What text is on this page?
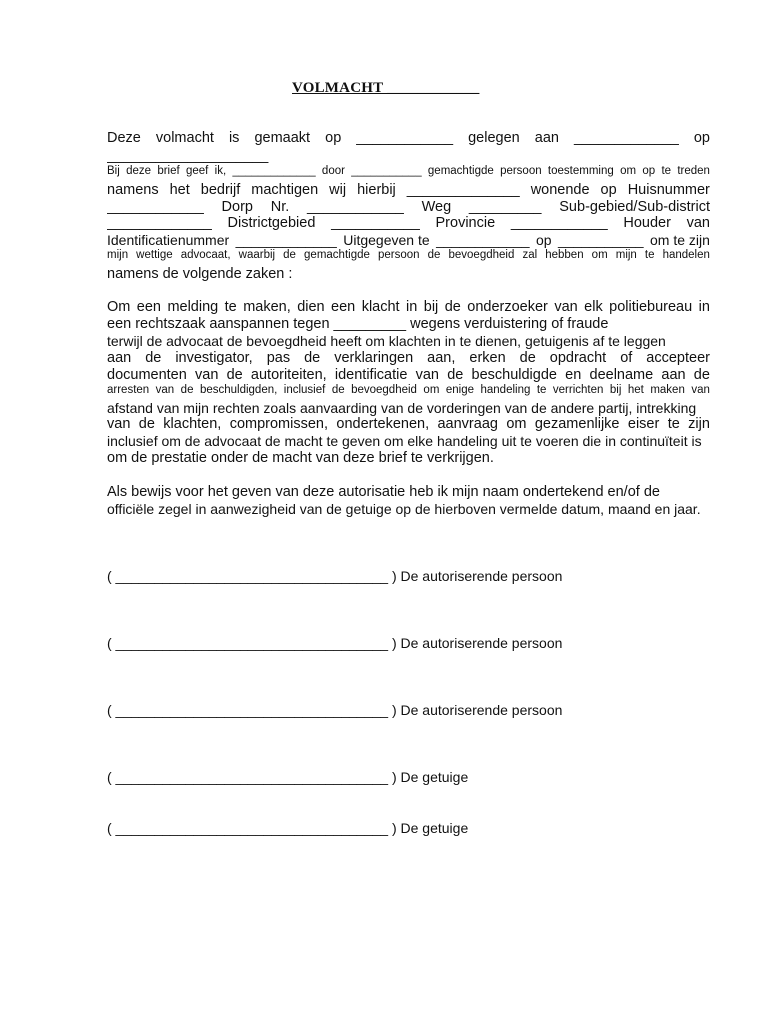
VOLMACHT ____________
Deze volmacht is gemaakt op ____________ gelegen aan _____________ op
____________________
Bij deze brief geef ik, _____________ door ___________ gemachtigde persoon toestemming om op te treden
namens het bedrijf machtigen wij hierbij ______________ wonende op Huisnummer
____________ Dorp Nr. ____________ Weg _________ Sub-gebied/Sub-district
_____________ Districtgebied ___________ Provincie ____________ Houder van
Identificatienummer _____________ Uitgegeven te ____________ op ___________ om te zijn
mijn wettige advocaat, waarbij de gemachtigde persoon de bevoegdheid zal hebben om mijn te handelen
namens de volgende zaken :
Om een melding te maken, dien een klacht in bij de onderzoeker van elk politiebureau in
een rechtszaak aanspannen tegen _________ wegens verduistering of fraude
terwijl de advocaat de bevoegdheid heeft om klachten in te dienen, getuigenis af te leggen
aan de investigator, pas de verklaringen aan, erken de opdracht of accepteer
documenten van de autoriteiten, identificatie van de beschuldigde en deelname aan de
arresten van de beschuldigden, inclusief de bevoegdheid om enige handeling te verrichten bij het maken van
afstand van mijn rechten zoals aanvaarding van de vorderingen van de andere partij, intrekking
van de klachten, compromissen, ondertekenen, aanvraag om gezamenlijke eiser te zijn
inclusief om de advocaat de macht te geven om elke handeling uit te voeren die in continuïteit is
om de prestatie onder de macht van deze brief te verkrijgen.
Als bewijs voor het geven van deze autorisatie heb ik mijn naam ondertekend en/of de
officiële zegel in aanwezigheid van de getuige op de hierboven vermelde datum, maand en jaar.
( ___________________________________ ) De autoriserende persoon
( ___________________________________ ) De autoriserende persoon
( ___________________________________ ) De autoriserende persoon
( ___________________________________ ) De getuige
( ___________________________________ ) De getuige
